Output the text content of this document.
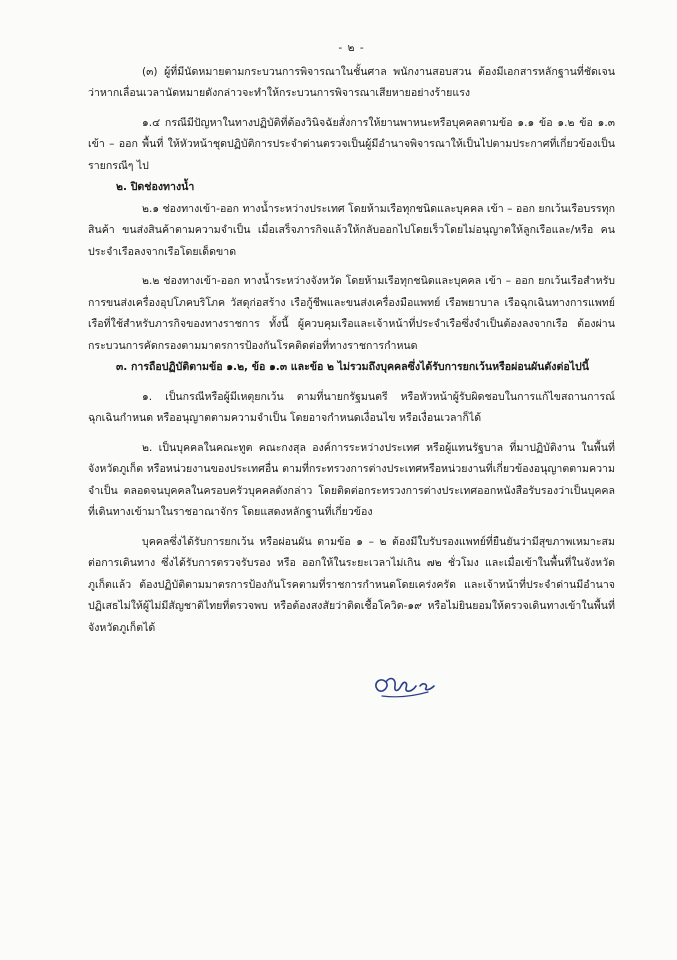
- ๒ -

(๓) ผู้ที่มีนัดหมายตามกระบวนการพิจารณาในชั้นศาล พนักงานสอบสวน ต้องมีเอกสารหลักฐานที่ชัดเจนว่าหากเลื่อนเวลานัดหมายดังกล่าวจะทำให้กระบวนการพิจารณาเสียหายอย่างร้ายแรง

๑.๔ กรณีมีปัญหาในทางปฏิบัติที่ต้องวินิจฉัยสั่งการให้ยานพาหนะหรือบุคคลตามข้อ ๑.๑ ข้อ ๑.๒ ข้อ ๑.๓ เข้า – ออก พื้นที่ ให้หัวหน้าชุดปฏิบัติการประจำด่านตรวจเป็นผู้มีอำนาจพิจารณาให้เป็นไปตามประกาศที่เกี่ยวข้องเป็นรายกรณีๆ ไป

๒. ปิดช่องทางน้ำ

๒.๑ ช่องทางเข้า-ออก ทางน้ำระหว่างประเทศ โดยห้ามเรือทุกชนิดและบุคคล เข้า – ออก ยกเว้นเรือบรรทุกสินค้า ขนส่งสินค้าตามความจำเป็น เมื่อเสร็จภารกิจแล้วให้กลับออกไปโดยเร็วโดยไม่อนุญาตให้ลูกเรือและ/หรือ คนประจำเรือลงจากเรือโดยเด็ดขาด

๒.๒ ช่องทางเข้า-ออก ทางน้ำระหว่างจังหวัด โดยห้ามเรือทุกชนิดและบุคคล เข้า – ออก ยกเว้นเรือสำหรับการขนส่งเครื่องอุปโภคบริโภค วัสดุก่อสร้าง เรือกู้ชีพและขนส่งเครื่องมือแพทย์ เรือพยาบาล เรือฉุกเฉินทางการแพทย์ เรือที่ใช้สำหรับภารกิจของทางราชการ ทั้งนี้ ผู้ควบคุมเรือและเจ้าหน้าที่ประจำเรือซึ่งจำเป็นต้องลงจากเรือ ต้องผ่านกระบวนการคัดกรองตามมาตรการป้องกันโรคติดต่อที่ทางราชการกำหนด

๓. การถือปฏิบัติตามข้อ ๑.๒, ข้อ ๑.๓ และข้อ ๒ ไม่รวมถึงบุคคลซึ่งได้รับการยกเว้นหรือผ่อนผันดังต่อไปนี้

๑. เป็นกรณีหรือผู้มีเหตุยกเว้น ตามที่นายกรัฐมนตรี หรือหัวหน้าผู้รับผิดชอบในการแก้ไขสถานการณ์ฉุกเฉินกำหนด หรืออนุญาตตามความจำเป็น โดยอาจกำหนดเงื่อนไข หรือเงื่อนเวลาก็ได้

๒. เป็นบุคคลในคณะทูต คณะกงสุล องค์การระหว่างประเทศ หรือผู้แทนรัฐบาล ที่มาปฏิบัติงาน ในพื้นที่จังหวัดภูเก็ต หรือหน่วยงานของประเทศอื่น ตามที่กระทรวงการต่างประเทศหรือหน่วยงานที่เกี่ยวข้องอนุญาตตามความจำเป็น ตลอดจนบุคคลในครอบครัวบุคคลดังกล่าว โดยติดต่อกระทรวงการต่างประเทศออกหนังสือรับรองว่าเป็นบุคคลที่เดินทางเข้ามาในราชอาณาจักร โดยแสดงหลักฐานที่เกี่ยวข้อง

บุคคลซึ่งได้รับการยกเว้น หรือผ่อนผัน ตามข้อ ๑ – ๒ ต้องมีใบรับรองแพทย์ที่ยืนยันว่ามีสุขภาพเหมาะสมต่อการเดินทาง ซึ่งได้รับการตรวจรับรอง หรือ ออกให้ในระยะเวลาไม่เกิน ๗๒ ชั่วโมง และเมื่อเข้าในพื้นที่ในจังหวัดภูเก็ตแล้ว ต้องปฏิบัติตามมาตรการป้องกันโรคตามที่ราชการกำหนดโดยเคร่งครัด และเจ้าหน้าที่ประจำด่านมีอำนาจปฏิเสธไม่ให้ผู้ไม่มีสัญชาติไทยที่ตรวจพบ หรือต้องสงสัยว่าติดเชื้อโควิด-๑๙ หรือไม่ยินยอมให้ตรวจเดินทางเข้าในพื้นที่จังหวัดภูเก็ตได้
